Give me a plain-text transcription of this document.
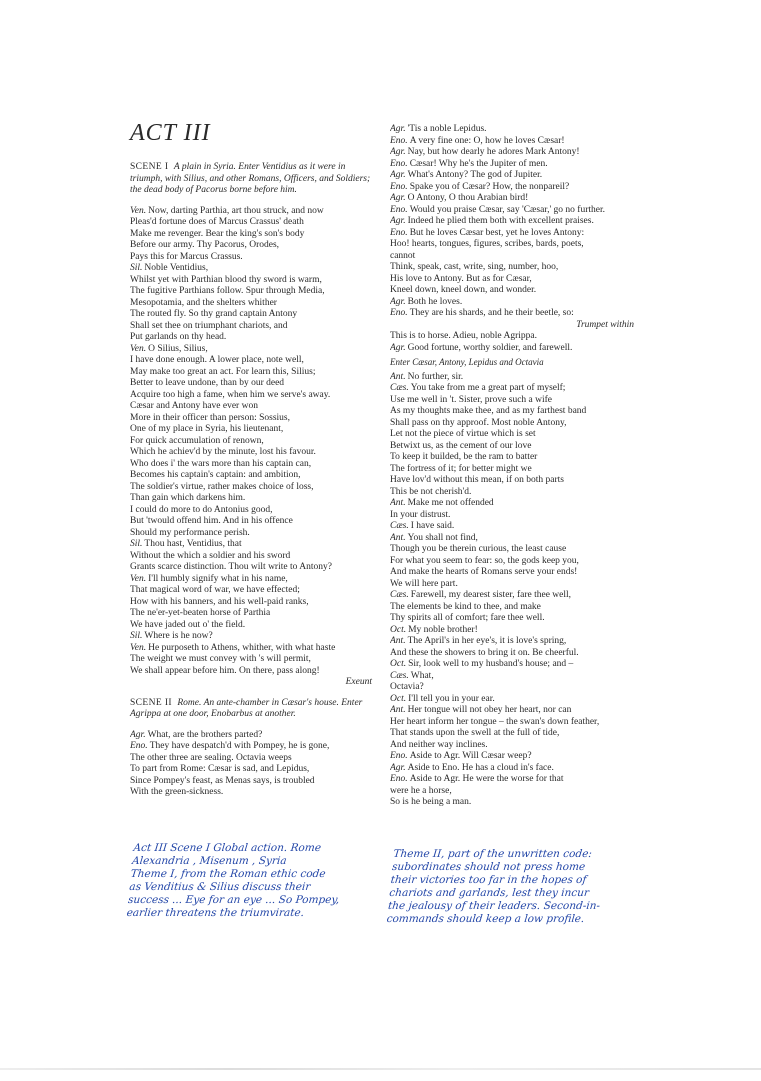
ACT III

SCENE I A plain in Syria. Enter Ventidius as it were in triumph, with Silius, and other Romans, Officers, and Soldiers; the dead body of Pacorus borne before him.

Ven. Now, darting Parthia, art thou struck, and now

Pleas'd fortune does of Marcus Crassus' death

Make me revenger. Bear the king's son's body

Before our army. Thy Pacorus, Orodes,

Pays this for Marcus Crassus.

Sil. Noble Ventidius,

Whilst yet with Parthian blood thy sword is warm,

The fugitive Parthians follow. Spur through Media,

Mesopotamia, and the shelters whither

The routed fly. So thy grand captain Antony

Shall set thee on triumphant chariots, and

Put garlands on thy head.

Ven. O Silius, Silius,

I have done enough. A lower place, note well,

May make too great an act. For learn this, Silius;

Better to leave undone, than by our deed

Acquire too high a fame, when him we serve's away.

Cæsar and Antony have ever won

More in their officer than person: Sossius,

One of my place in Syria, his lieutenant,

For quick accumulation of renown,

Which he achiev'd by the minute, lost his favour.

Who does i' the wars more than his captain can,

Becomes his captain's captain: and ambition,

The soldier's virtue, rather makes choice of loss,

Than gain which darkens him.

I could do more to do Antonius good,

But 'twould offend him. And in his offence

Should my performance perish.

Sil. Thou hast, Ventidius, that

Without the which a soldier and his sword

Grants scarce distinction. Thou wilt write to Antony?

Ven. I'll humbly signify what in his name,

That magical word of war, we have effected;

How with his banners, and his well-paid ranks,

The ne'er-yet-beaten horse of Parthia

We have jaded out o' the field.

Sil. Where is he now?

Ven. He purposeth to Athens, whither, with what haste

The weight we must convey with 's will permit,

We shall appear before him. On there, pass along!

Exeunt

SCENE II Rome. An ante-chamber in Cæsar's house. Enter Agrippa at one door, Enobarbus at another.

Agr. What, are the brothers parted?

Eno. They have despatch'd with Pompey, he is gone,

The other three are sealing. Octavia weeps

To part from Rome: Cæsar is sad, and Lepidus,

Since Pompey's feast, as Menas says, is troubled

With the green-sickness.

Agr. 'Tis a noble Lepidus.

Eno. A very fine one: O, how he loves Cæsar!

Agr. Nay, but how dearly he adores Mark Antony!

Eno. Cæsar! Why he's the Jupiter of men.

Agr. What's Antony? The god of Jupiter.

Eno. Spake you of Cæsar? How, the nonpareil?

Agr. O Antony, O thou Arabian bird!

Eno. Would you praise Cæsar, say 'Cæsar,' go no further.

Agr. Indeed he plied them both with excellent praises.

Eno. But he loves Cæsar best, yet he loves Antony:

Hoo! hearts, tongues, figures, scribes, bards, poets,

cannot

Think, speak, cast, write, sing, number, hoo,

His love to Antony. But as for Cæsar,

Kneel down, kneel down, and wonder.

Agr. Both he loves.

Eno. They are his shards, and he their beetle, so:

Trumpet within

This is to horse. Adieu, noble Agrippa.

Agr. Good fortune, worthy soldier, and farewell.

Enter Cæsar, Antony, Lepidus and Octavia

Ant. No further, sir.

Cæs. You take from me a great part of myself;

Use me well in 't. Sister, prove such a wife

As my thoughts make thee, and as my farthest band

Shall pass on thy approof. Most noble Antony,

Let not the piece of virtue which is set

Betwixt us, as the cement of our love

To keep it builded, be the ram to batter

The fortress of it; for better might we

Have lov'd without this mean, if on both parts

This be not cherish'd.

Ant. Make me not offended

In your distrust.

Cæs. I have said.

Ant. You shall not find,

Though you be therein curious, the least cause

For what you seem to fear: so, the gods keep you,

And make the hearts of Romans serve your ends!

We will here part.

Cæs. Farewell, my dearest sister, fare thee well,

The elements be kind to thee, and make

Thy spirits all of comfort; fare thee well.

Oct. My noble brother!

Ant. The April's in her eye's, it is love's spring,

And these the showers to bring it on. Be cheerful.

Oct. Sir, look well to my husband's house; and –

Cæs. What,

Octavia?

Oct. I'll tell you in your ear.

Ant. Her tongue will not obey her heart, nor can

Her heart inform her tongue – the swan's down feather,

That stands upon the swell at the full of tide,

And neither way inclines.

Eno. Aside to Agr. Will Cæsar weep?

Agr. Aside to Eno. He has a cloud in's face.

Eno. Aside to Agr. He were the worse for that

were he a horse,

So is he being a man.

Act III Scene I Global action. Rome

Alexandria , Misenum , Syria

Theme I, from the Roman ethic code

as Venditius & Silius discuss their

success ... Eye for an eye ... So Pompey,

earlier threatens the triumvirate.

Theme II, part of the unwritten code:

subordinates should not press home

their victories too far in the hopes of

chariots and garlands, lest they incur

the jealousy of their leaders. Second-in-

commands should keep a low profile.
